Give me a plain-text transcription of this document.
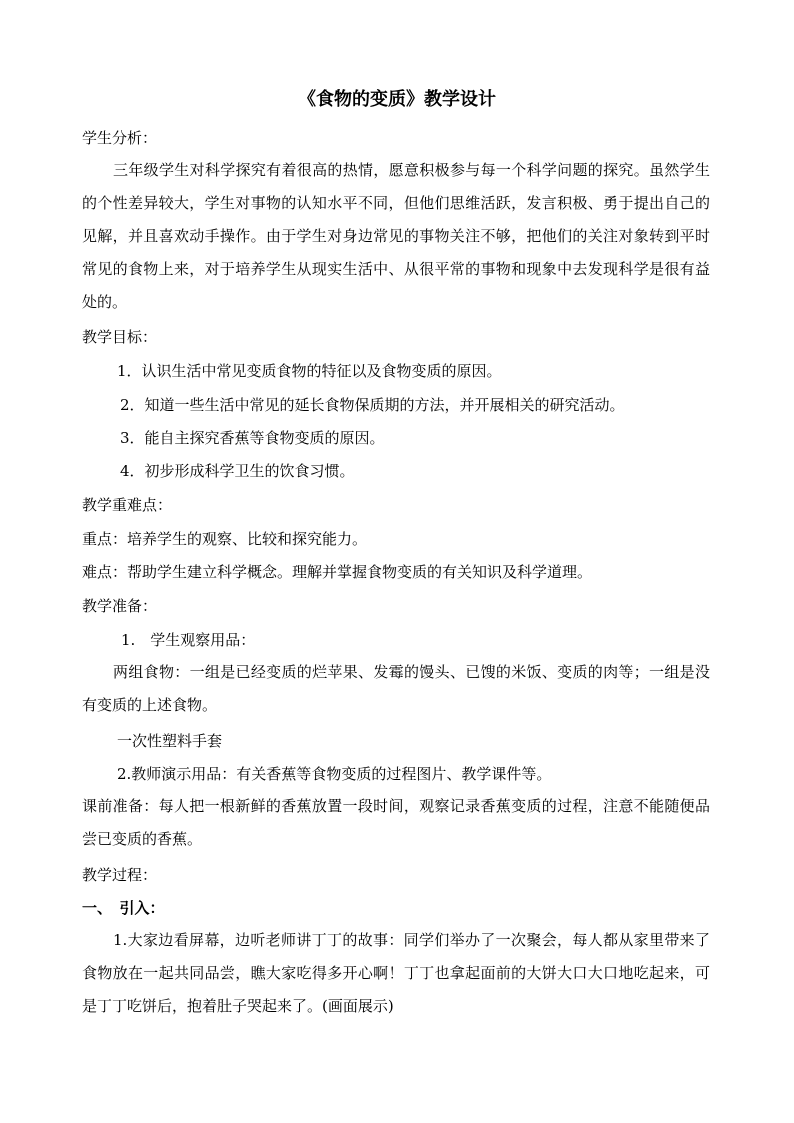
《食物的变质》教学设计
学生分析：
三年级学生对科学探究有着很高的热情，愿意积极参与每一个科学问题的探究。虽然学生的个性差异较大，学生对事物的认知水平不同，但他们思维活跃，发言积极、勇于提出自己的见解，并且喜欢动手操作。由于学生对身边常见的事物关注不够，把他们的关注对象转到平时常见的食物上来，对于培养学生从现实生活中、从很平常的事物和现象中去发现科学是很有益处的。
教学目标：
1．认识生活中常见变质食物的特征以及食物变质的原因。
2．知道一些生活中常见的延长食物保质期的方法，并开展相关的研究活动。
3．能自主探究香蕉等食物变质的原因。
4．初步形成科学卫生的饮食习惯。
教学重难点：
重点：培养学生的观察、比较和探究能力。
难点：帮助学生建立科学概念。理解并掌握食物变质的有关知识及科学道理。
教学准备：
1.　学生观察用品：
两组食物：一组是已经变质的烂苹果、发霉的馒头、已馊的米饭、变质的肉等；一组是没有变质的上述食物。
一次性塑料手套
2.教师演示用品：有关香蕉等食物变质的过程图片、教学课件等。
课前准备：每人把一根新鲜的香蕉放置一段时间，观察记录香蕉变质的过程，注意不能随便品尝已变质的香蕉。
教学过程：
一、　引入：
1.大家边看屏幕，边听老师讲丁丁的故事：同学们举办了一次聚会，每人都从家里带来了食物放在一起共同品尝，瞧大家吃得多开心啊！丁丁也拿起面前的大饼大口大口地吃起来，可是丁丁吃饼后，抱着肚子哭起来了。(画面展示)
